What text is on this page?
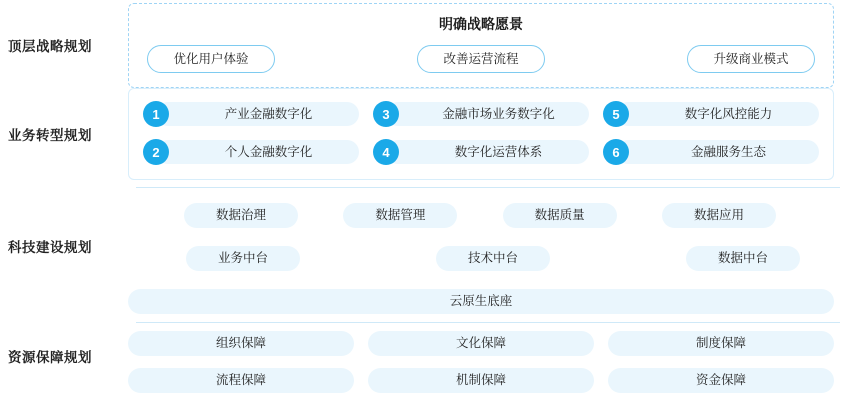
顶层战略规划
明确战略愿景
优化用户体验	改善运营流程	升级商业模式
业务转型规划
1	产业金融数字化	3	金融市场业务数字化	5	数字化风控能力
2	个人金融数字化	4	数字化运营体系	6	金融服务生态
科技建设规划
数据治理	数据管理	数据质量	数据应用
业务中台	技术中台	数据中台
云原生底座
资源保障规划
组织保障	文化保障	制度保障
流程保障	机制保障	资金保障
